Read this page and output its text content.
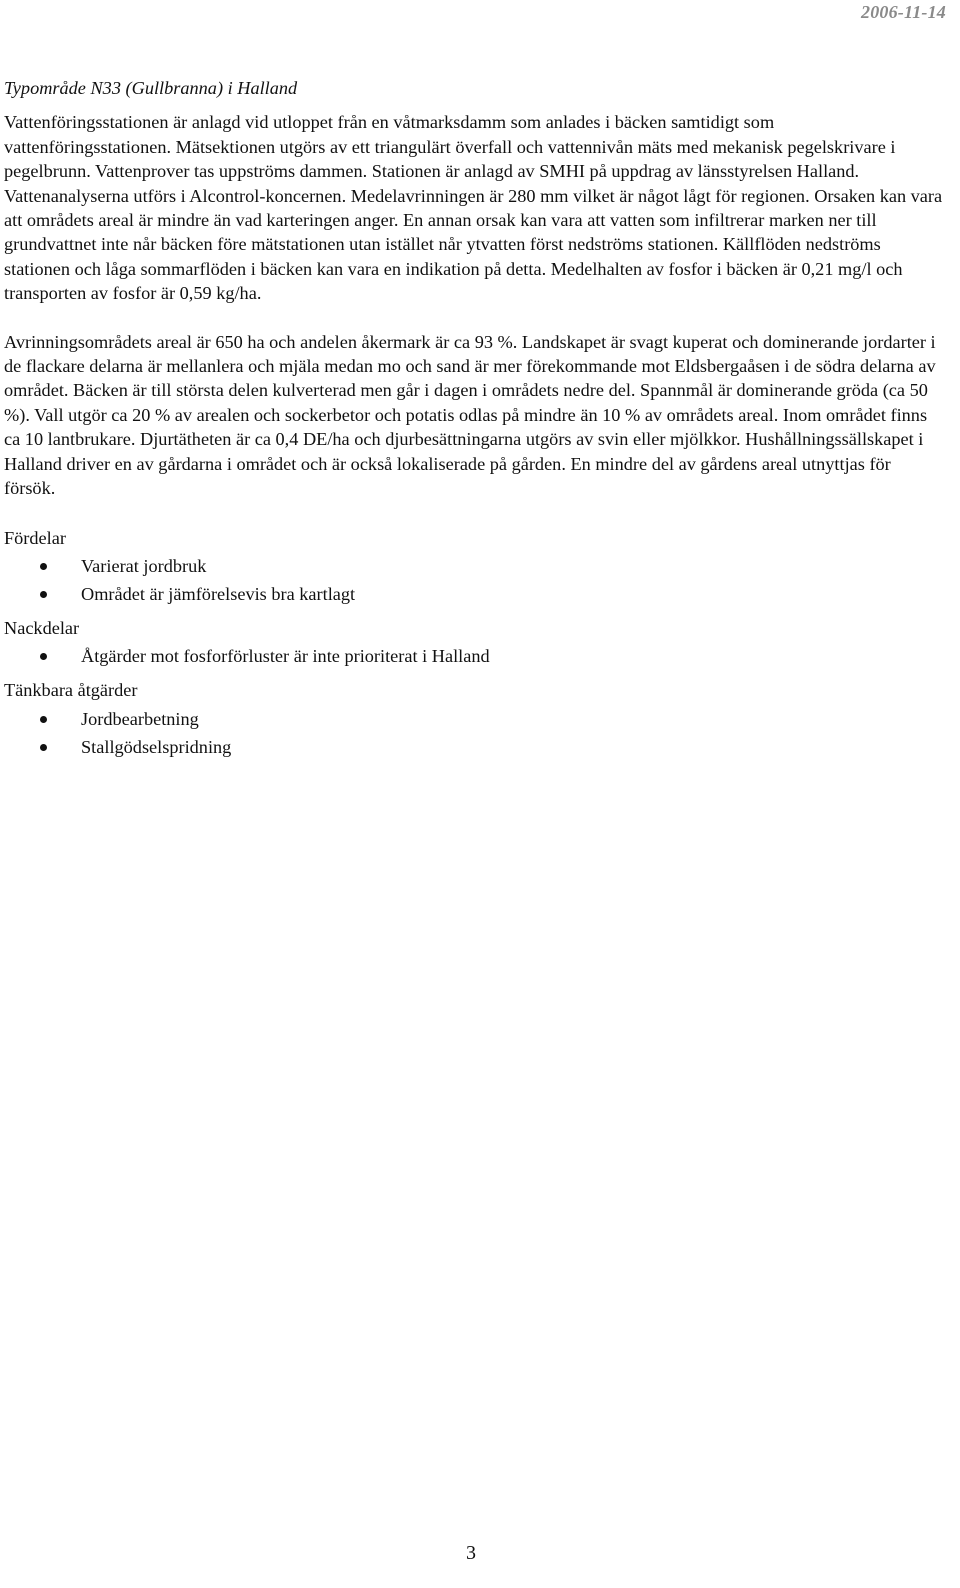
2006-11-14

Typområde N33 (Gullbranna) i Halland

Vattenföringsstationen är anlagd vid utloppet från en våtmarksdamm som anlades i bäcken samtidigt som vattenföringsstationen. Mätsektionen utgörs av ett triangulärt överfall och vattennivån mäts med mekanisk pegelskrivare i pegelbrunn. Vattenprover tas uppströms dammen. Stationen är anlagd av SMHI på uppdrag av länsstyrelsen Halland. Vattenanalyserna utförs i Alcontrol-koncernen. Medelavrinningen är 280 mm vilket är något lågt för regionen. Orsaken kan vara att områdets areal är mindre än vad karteringen anger. En annan orsak kan vara att vatten som infiltrerar marken ner till grundvattnet inte når bäcken före mätstationen utan istället når ytvatten först nedströms stationen. Källflöden nedströms stationen och låga sommarflöden i bäcken kan vara en indikation på detta. Medelhalten av fosfor i bäcken är 0,21 mg/l och transporten av fosfor är 0,59 kg/ha.

Avrinningsområdets areal är 650 ha och andelen åkermark är ca 93 %. Landskapet är svagt kuperat och dominerande jordarter i de flackare delarna är mellanlera och mjäla medan mo och sand är mer förekommande mot Eldsbergaåsen i de södra delarna av området. Bäcken är till största delen kulverterad men går i dagen i områdets nedre del. Spannmål är dominerande gröda (ca 50 %). Vall utgör ca 20 % av arealen och sockerbetor och potatis odlas på mindre än 10 % av områdets areal. Inom området finns ca 10 lantbrukare. Djurtätheten är ca 0,4 DE/ha och djurbesättningarna utgörs av svin eller mjölkkor. Hushållningssällskapet i Halland driver en av gårdarna i området och är också lokaliserade på gården. En mindre del av gårdens areal utnyttjas för försök.

Fördelar

Varierat jordbruk
Området är jämförelsevis bra kartlagt

Nackdelar

Åtgärder mot fosforförluster är inte prioriterat i Halland

Tänkbara åtgärder

Jordbearbetning
Stallgödselspridning
3
